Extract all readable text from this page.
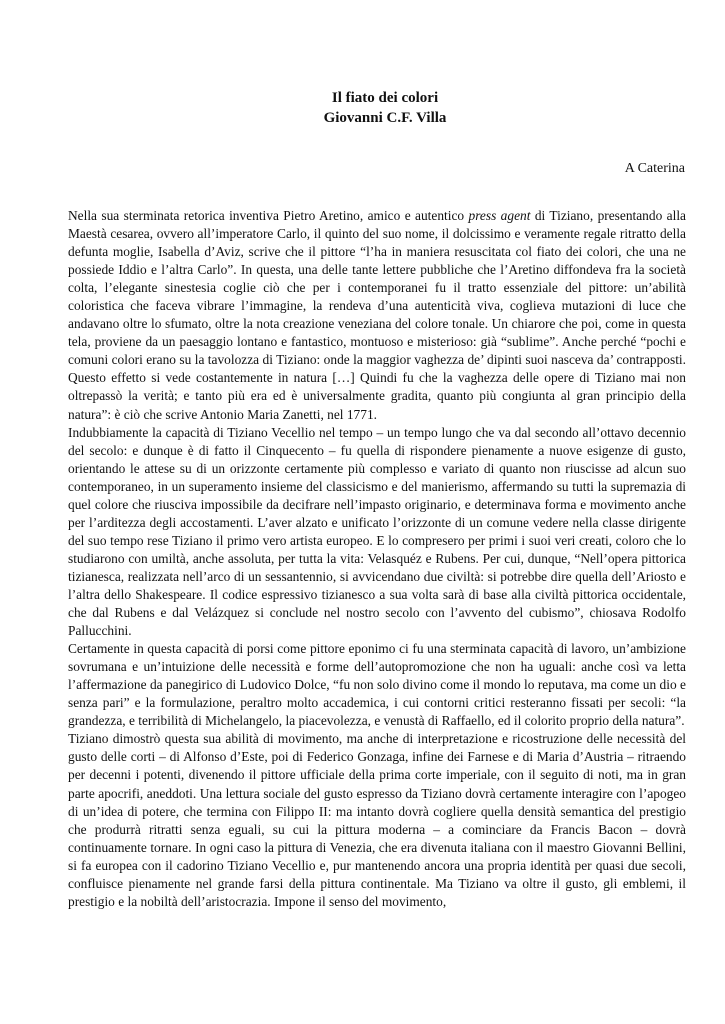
Il fiato dei colori
Giovanni C.F. Villa
A Caterina

Nella sua sterminata retorica inventiva Pietro Aretino, amico e autentico press agent di Tiziano, presentando alla Maestà cesarea, ovvero all’imperatore Carlo, il quinto del suo nome, il dolcissimo e veramente regale ritratto della defunta moglie, Isabella d’Aviz, scrive che il pittore “l’ha in maniera resuscitata col fiato dei colori, che una ne possiede Iddio e l’altra Carlo”. In questa, una delle tante lettere pubbliche che l’Aretino diffondeva fra la società colta, l’elegante sinestesia coglie ciò che per i contemporanei fu il tratto essenziale del pittore: un’abilità coloristica che faceva vibrare l’immagine, la rendeva d’una autenticità viva, coglieva mutazioni di luce che andavano oltre lo sfumato, oltre la nota creazione veneziana del colore tonale. Un chiarore che poi, come in questa tela, proviene da un paesaggio lontano e fantastico, montuoso e misterioso: già “sublime”. Anche perché “pochi e comuni colori erano su la tavolozza di Tiziano: onde la maggior vaghezza de’ dipinti suoi nasceva da’ contrapposti. Questo effetto si vede costantemente in natura […] Quindi fu che la vaghezza delle opere di Tiziano mai non oltrepassò la verità; e tanto più era ed è universalmente gradita, quanto più congiunta al gran principio della natura”: è ciò che scrive Antonio Maria Zanetti, nel 1771.

Indubbiamente la capacità di Tiziano Vecellio nel tempo – un tempo lungo che va dal secondo all’ottavo decennio del secolo: e dunque è di fatto il Cinquecento – fu quella di rispondere pienamente a nuove esigenze di gusto, orientando le attese su di un orizzonte certamente più complesso e variato di quanto non riuscisse ad alcun suo contemporaneo, in un superamento insieme del classicismo e del manierismo, affermando su tutti la supremazia di quel colore che riusciva impossibile da decifrare nell’impasto originario, e determinava forma e movimento anche per l’arditezza degli accostamenti. L’aver alzato e unificato l’orizzonte di un comune vedere nella classe dirigente del suo tempo rese Tiziano il primo vero artista europeo. E lo compresero per primi i suoi veri creati, coloro che lo studiarono con umiltà, anche assoluta, per tutta la vita: Velasquéz e Rubens. Per cui, dunque, “Nell’opera pittorica tizianesca, realizzata nell’arco di un sessantennio, si avvicendano due civiltà: si potrebbe dire quella dell’Ariosto e l’altra dello Shakespeare. Il codice espressivo tizianesco a sua volta sarà di base alla civiltà pittorica occidentale, che dal Rubens e dal Velázquez si conclude nel nostro secolo con l’avvento del cubismo”, chiosava Rodolfo Pallucchini.

Certamente in questa capacità di porsi come pittore eponimo ci fu una sterminata capacità di lavoro, un’ambizione sovrumana e un’intuizione delle necessità e forme dell’autopromozione che non ha uguali: anche così va letta l’affermazione da panegirico di Ludovico Dolce, “fu non solo divino come il mondo lo reputava, ma come un dio e senza pari” e la formulazione, peraltro molto accademica, i cui contorni critici resteranno fissati per secoli: “la grandezza, e terribilità di Michelangelo, la piacevolezza, e venustà di Raffaello, ed il colorito proprio della natura”.

Tiziano dimostrò questa sua abilità di movimento, ma anche di interpretazione e ricostruzione delle necessità del gusto delle corti – di Alfonso d’Este, poi di Federico Gonzaga, infine dei Farnese e di Maria d’Austria – ritraendo per decenni i potenti, divenendo il pittore ufficiale della prima corte imperiale, con il seguito di noti, ma in gran parte apocrifi, aneddoti. Una lettura sociale del gusto espresso da Tiziano dovrà certamente interagire con l’apogeo di un’idea di potere, che termina con Filippo II: ma intanto dovrà cogliere quella densità semantica del prestigio che produrrà ritratti senza eguali, su cui la pittura moderna – a cominciare da Francis Bacon – dovrà continuamente tornare. In ogni caso la pittura di Venezia, che era divenuta italiana con il maestro Giovanni Bellini, si fa europea con il cadorino Tiziano Vecellio e, pur mantenendo ancora una propria identità per quasi due secoli, confluisce pienamente nel grande farsi della pittura continentale. Ma Tiziano va oltre il gusto, gli emblemi, il prestigio e la nobiltà dell’aristocrazia. Impone il senso del movimento,
